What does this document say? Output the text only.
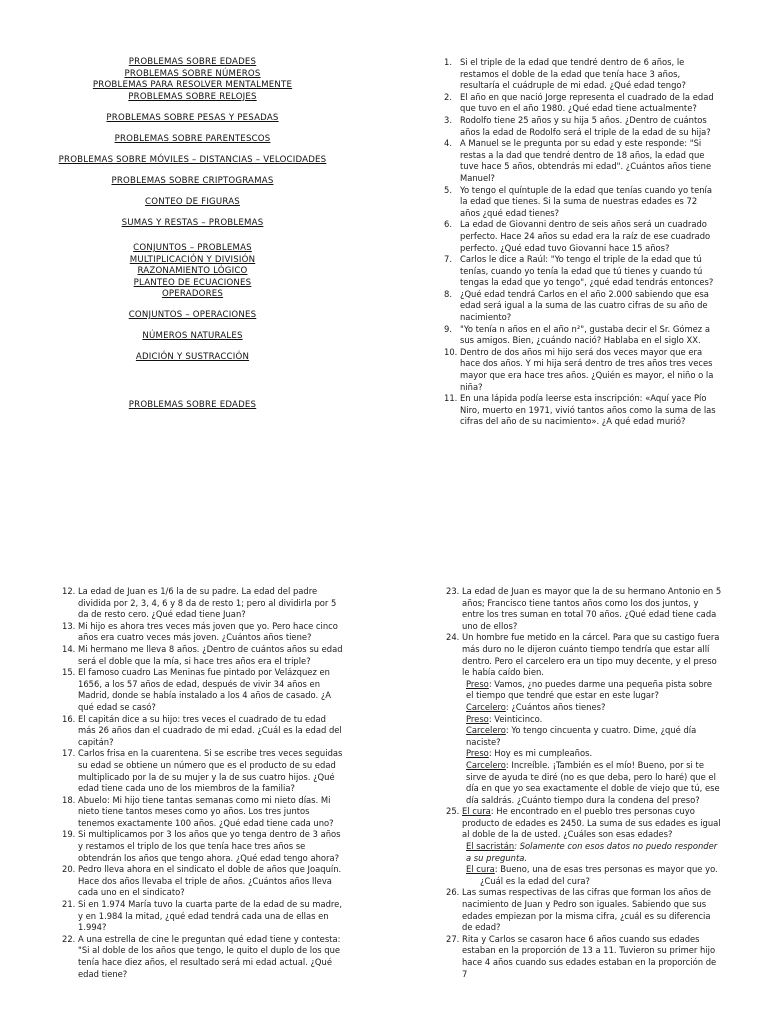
PROBLEMAS SOBRE EDADES
PROBLEMAS SOBRE NÚMEROS
PROBLEMAS PARA RESOLVER MENTALMENTE
PROBLEMAS SOBRE RELOJES
PROBLEMAS SOBRE PESAS Y PESADAS
PROBLEMAS SOBRE PARENTESCOS
PROBLEMAS SOBRE MÓVILES – DISTANCIAS – VELOCIDADES
PROBLEMAS SOBRE CRIPTOGRAMAS
CONTEO DE FIGURAS
SUMAS Y RESTAS – PROBLEMAS
CONJUNTOS – PROBLEMAS
MULTIPLICACIÓN Y DIVISIÓN
RAZONAMIENTO LÓGICO
PLANTEO DE ECUACIONES
OPERADORES
CONJUNTOS – OPERACIONES
NÚMEROS NATURALES
ADICIÓN Y SUSTRACCIÓN
PROBLEMAS SOBRE EDADES
1. Si el triple de la edad que tendré dentro de 6 años, le restamos el doble de la edad que tenía hace 3 años, resultaría el cuádruple de mi edad. ¿Qué edad tengo?
2. El año en que nació Jorge representa el cuadrado de la edad que tuvo en el año 1980. ¿Qué edad tiene actualmente?
3. Rodolfo tiene 25 años y su hija 5 años. ¿Dentro de cuántos años la edad de Rodolfo será el triple de la edad de su hija?
4. A Manuel se le pregunta por su edad y este responde: "Si restas a la dad que tendré dentro de 18 años, la edad que tuve hace 5 años, obtendrás mi edad". ¿Cuántos años tiene Manuel?
5. Yo tengo el quíntuple de la edad que tenías cuando yo tenía la edad que tienes. Si la suma de nuestras edades es 72 años ¿qué edad tienes?
6. La edad de Giovanni dentro de seis años será un cuadrado perfecto. Hace 24 años su edad era la raíz de ese cuadrado perfecto. ¿Qué edad tuvo Giovanni hace 15 años?
7. Carlos le dice a Raúl: "Yo tengo el triple de la edad que tú tenías, cuando yo tenía la edad que tú tienes y cuando tú tengas la edad que yo tengo", ¿qué edad tendrás entonces?
8. ¿Qué edad tendrá Carlos en el año 2.000 sabiendo que esa edad será igual a la suma de las cuatro cifras de su año de nacimiento?
9. "Yo tenía n años en el año n²", gustaba decir el Sr. Gómez a sus amigos. Bien, ¿cuándo nació? Hablaba en el siglo XX.
10. Dentro de dos años mi hijo será dos veces mayor que era hace dos años. Y mi hija será dentro de tres años tres veces mayor que era hace tres años. ¿Quién es mayor, el niño o la niña?
11. En una lápida podía leerse esta inscripción: «Aquí yace Pío Niro, muerto en 1971, vivió tantos años como la suma de las cifras del año de su nacimiento». ¿A qué edad murió?
12. La edad de Juan es 1/6 la de su padre. La edad del padre dividida por 2, 3, 4, 6 y 8 da de resto 1; pero al dividirla por 5 da de resto cero. ¿Qué edad tiene Juan?
13. Mi hijo es ahora tres veces más joven que yo. Pero hace cinco años era cuatro veces más joven. ¿Cuántos años tiene?
14. Mi hermano me lleva 8 años. ¿Dentro de cuántos años su edad será el doble que la mía, si hace tres años era el triple?
15. El famoso cuadro Las Meninas fue pintado por Velázquez en 1656, a los 57 años de edad, después de vivir 34 años en Madrid, donde se había instalado a los 4 años de casado. ¿A qué edad se casó?
16. El capitán dice a su hijo: tres veces el cuadrado de tu edad más 26 años dan el cuadrado de mi edad. ¿Cuál es la edad del capitán?
17. Carlos frisa en la cuarentena. Si se escribe tres veces seguidas su edad se obtiene un número que es el producto de su edad multiplicado por la de su mujer y la de sus cuatro hijos. ¿Qué edad tiene cada uno de los miembros de la familia?
18. Abuelo: Mi hijo tiene tantas semanas como mi nieto días. Mi nieto tiene tantos meses como yo años. Los tres juntos tenemos exactamente 100 años. ¿Qué edad tiene cada uno?
19. Si multiplicamos por 3 los años que yo tenga dentro de 3 años y restamos el triplo de los que tenía hace tres años se obtendrán los años que tengo ahora. ¿Qué edad tengo ahora?
20. Pedro lleva ahora en el sindicato el doble de años que Joaquín. Hace dos años llevaba el triple de años. ¿Cuántos años lleva cada uno en el sindicato?
21. Si en 1.974 María tuvo la cuarta parte de la edad de su madre, y en 1.984 la mitad, ¿qué edad tendrá cada una de ellas en 1.994?
22. A una estrella de cine le preguntan qué edad tiene y contesta: "Si al doble de los años que tengo, le quito el duplo de los que tenía hace diez años, el resultado será mi edad actual. ¿Qué edad tiene?
23. La edad de Juan es mayor que la de su hermano Antonio en 5 años; Francisco tiene tantos años como los dos juntos, y entre los tres suman en total 70 años. ¿Qué edad tiene cada uno de ellos?
24. Un hombre fue metido en la cárcel. Para que su castigo fuera más duro no le dijeron cuánto tiempo tendría que estar allí dentro. Pero el carcelero era un tipo muy decente, y el preso le había caído bien.
Preso: Vamos, ¿no puedes darme una pequeña pista sobre el tiempo que tendré que estar en este lugar?
Carcelero: ¿Cuántos años tienes?
Preso: Veinticinco.
Carcelero: Yo tengo cincuenta y cuatro. Dime, ¿qué día naciste?
Preso: Hoy es mi cumpleaños.
Carcelero: Increíble. ¡También es el mío! Bueno, por si te sirve de ayuda te diré (no es que deba, pero lo haré) que el día en que yo sea exactamente el doble de viejo que tú, ese día saldrás. ¿Cuánto tiempo dura la condena del preso?
25. El cura: He encontrado en el pueblo tres personas cuyo producto de edades es 2450. La suma de sus edades es igual al doble de la de usted. ¿Cuáles son esas edades?
El sacristán: Solamente con esos datos no puedo responder a su pregunta.
El cura: Bueno, una de esas tres personas es mayor que yo.
¿Cuál es la edad del cura?
26. Las sumas respectivas de las cifras que forman los años de nacimiento de Juan y Pedro son iguales. Sabiendo que sus edades empiezan por la misma cifra, ¿cuál es su diferencia de edad?
27. Rita y Carlos se casaron hace 6 años cuando sus edades estaban en la proporción de 13 a 11. Tuvieron su primer hijo hace 4 años cuando sus edades estaban en la proporción de 7
